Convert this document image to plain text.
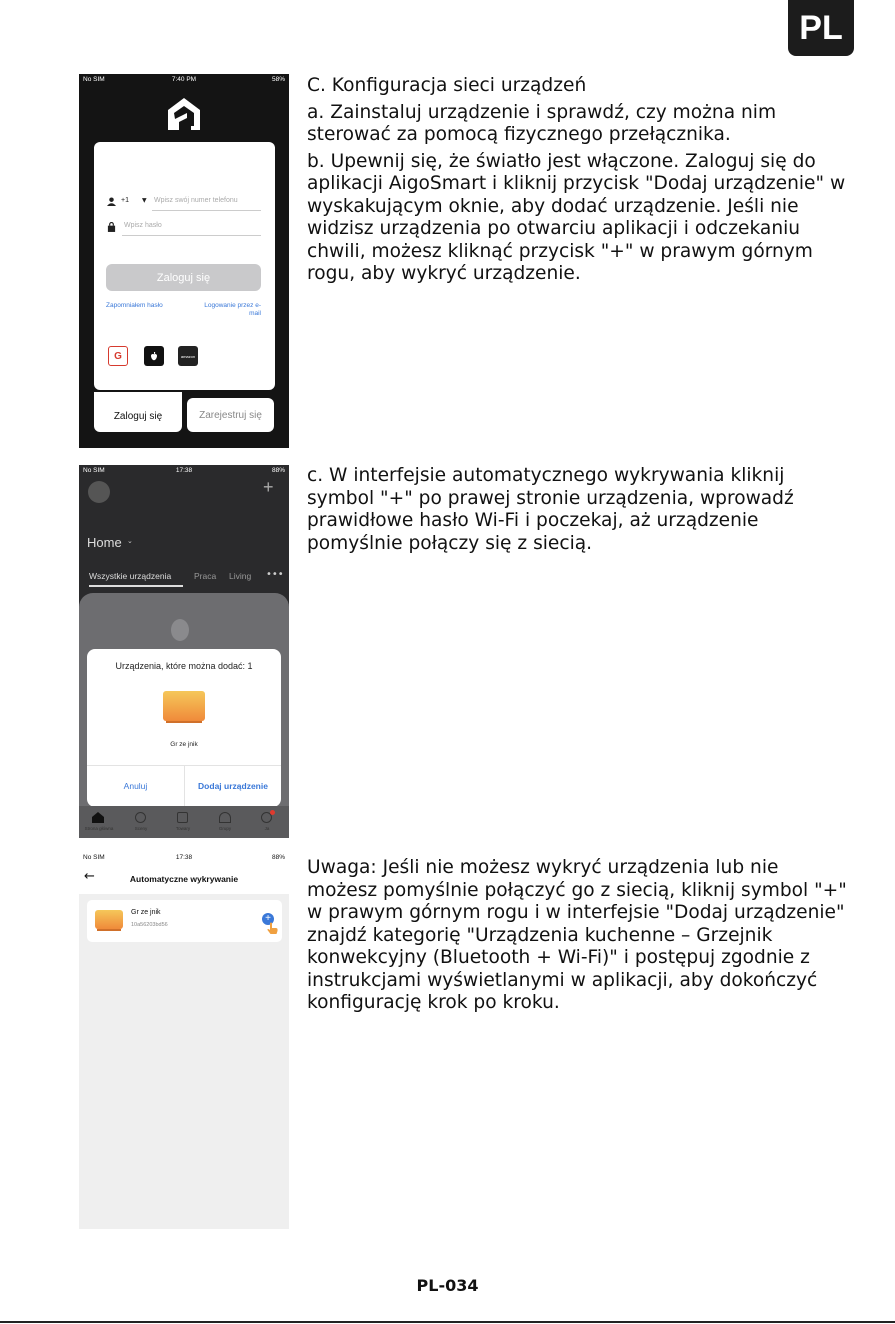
PL

C. Konfiguracja sieci urządzeń

a. Zainstaluj urządzenie i sprawdź, czy można nim sterować za pomocą fizycznego przełącznika.

b. Upewnij się, że światło jest włączone. Zaloguj się do aplikacji AigoSmart i kliknij przycisk "Dodaj urządzenie" w wyskakującym oknie, aby dodać urządzenie. Jeśli nie widzisz urządzenia po otwarciu aplikacji i odczekaniu chwili, możesz kliknąć przycisk "+" w prawym górnym rogu, aby wykryć urządzenie.

c. W interfejsie automatycznego wykrywania kliknij symbol "+" po prawej stronie urządzenia, wprowadź prawidłowe hasło Wi-Fi i poczekaj, aż urządzenie pomyślnie połączy się z siecią.

Uwaga: Jeśli nie możesz wykryć urządzenia lub nie możesz pomyślnie połączyć go z siecią, kliknij symbol "+" w prawym górnym rogu i w interfejsie "Dodaj urządzenie" znajdź kategorię "Urządzenia kuchenne – Grzejnik konwekcyjny (Bluetooth + Wi-Fi)" i postępuj zgodnie z instrukcjami wyświetlanymi w aplikacji, aby dokończyć konfigurację krok po kroku.

No SIM	7:40 PM	58%
+1 ▼ Wpisz swój numer telefonu
Wpisz hasło
Zaloguj się
Zapomniałem hasło	Logowanie przez e-mail
G	amazon
Zaloguj się	Zarejestruj się
No SIM	17:38	88%
+
Home ⌄
Wszystkie urządzenia	Praca Living •••
Urządzenia, które można dodać: 1
Gr ze jnik
Anuluj	Dodaj urządzenie
Strona główna	Sceny	Towary	Grupy	Ja
No SIM	17:38	88%
←	Automatyczne wykrywanie
Gr ze jnik
10a56203bd56
+
PL-034
